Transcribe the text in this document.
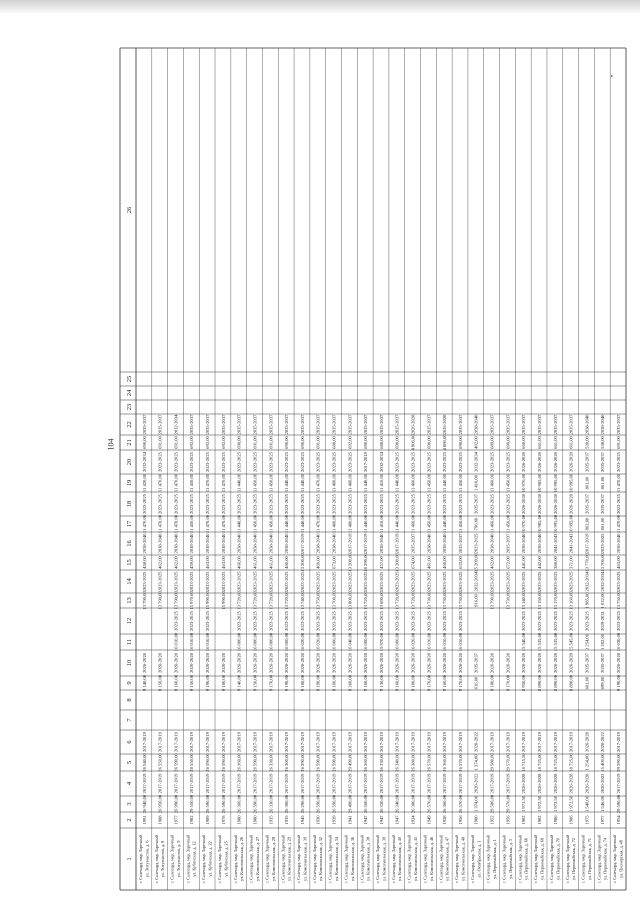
104
1
2
3
4
5
6
7
8
9
10
11
12
13
14
15
16
17
18
19
20
21
22
23
24
25
26
г. Салехард, мкр. Заречный ул. Энтузиастов, д. 6
1991
26 940,00
2017-2019
26 540,00
2017-2019
9 140,00
2026-2028
13 790,00
2023-2025
458,00
2038-2040
11 470,00
2023-2025
11 420,00
2032-2034
690,00
2035-2037
г. Салехард, мкр. Заречный ул. Энтузиастов, д. 8
1988
26 950,00
2017-2019
26 550,00
2017-2019
9 150,00
2026-2028
13 790,00
2023-2025
462,00
2038-2040
11 470,00
2023-2025
11 470,00
2023-2025
691,00
2035-2037
г. Салехард, мкр. Заречный ул. Энтузиастов, д. 9
1977
26 990,00
2017-2019
26 590,00
2017-2019
9 160,00
2026-2028
16 010,00
2023-2025
13 790,00
2023-2025
462,00
2038-2040
11 470,00
2023-2025
11 470,00
2023-2025
691,00
2032-2034
г. Салехард, мкр. Заречный ул. Кубинская, д. 12
1982
29 550,00
2017-2019
28 550,00
2017-2019
9 150,00
2026-2028
16 010,00
2023-2025
15 970,00
2023-2025
459,00
2038-2040
11 450,00
2023-2025
11 450,00
2023-2025
692,00
2035-2037
г. Салехард, мкр. Заречный ул. Кубинская, д. 22
1989
26 590,00
2017-2019
26 590,00
2017-2019
9 190,00
2026-2028
16 010,00
2023-2025
15 990,00
2023-2025
463,00
2038-2040
11 470,00
2023-2025
11 470,00
2023-2025
692,00
2035-2037
г. Салехард, мкр. Заречный ул. Кубинская, д. 25
1978
26 590,00
2017-2019
26 590,00
2017-2019
9 180,00
2026-2028
15 990,00
2023-2025
463,00
2038-2040
11 470,00
2023-2025
11 470,00
2023-2025
692,00
2035-2037
г. Салехард, мкр. Заречный ул. Комсомольская, д. 26
1980
26 360,00
2017-2019
26 360,00
2017-2019
9 140,00
2026-2028
16 000,00
2023-2025
13 720,00
2023-2025
460,00
2038-2040
11 440,00
2023-2025
11 440,00
2023-2025
690,00
2035-2037
г. Салехард, мкр. Заречный ул. Комсомольская, д. 27
1980
26 590,00
2017-2019
26 590,00
2017-2019
9 150,00
2026-2028
16 000,00
2023-2025
13 720,00
2023-2025
461,00
2038-2040
11 450,00
2023-2025
11 450,00
2023-2025
691,00
2035-2037
г. Салехард, мкр. Заречный ул. Комсомольская, д. 28
1935
26 330,00
2017-2019
26 330,00
2017-2019
9 170,00
2026-2028
16 000,00
2023-2025
13 720,00
2023-2025
461,00
2038-2040
11 450,00
2023-2025
11 450,00
2023-2025
691,00
2035-2037
г. Салехард, мкр. Заречный ул. Комсомольская, д. 29
1935
26 300,00
2017-2019
26 300,00
2017-2019
9 190,00
2026-2028
16 000,00
2023-2025
13 720,00
2023-2025
460,00
2038-2040
11 440,00
2023-2025
11 440,00
2023-2025
690,00
2035-2037
г. Салехард, мкр. Заречный ул. Комсомольская, д. 30
1945
26 290,00
2017-2019
26 290,00
2017-2019
9 180,00
2026-2028
16 020,00
2023-2025
13 740,00
2023-2025
13 200,00
2017-2019
11 440,00
2023-2025
11 440,00
2023-2025
690,00
2035-2037
г. Салехард, мкр. Заречный ул. Комсомольская, д. 32
1930
26 590,00
2017-2019
26 590,00
2017-2019
9 190,00
2026-2028
16 020,00
2023-2025
13 750,00
2023-2025
460,00
2038-2040
11 470,00
2023-2025
11 470,00
2023-2025
691,00
2035-2037
г. Салехард, мкр. Заречный ул. Комсомольская, д. 34
1939
26 590,00
2017-2019
26 590,00
2017-2019
9 100,00
2026-2028
16 000,00
2023-2025
13 700,00
2023-2025
673,00
2038-2040
11 400,00
2023-2025
11 400,00
2023-2025
688,00
2035-2037
г. Салехард, мкр. Заречный ул. Комсомольская, д. 36
1941
29 490,00
2017-2019
29 490,00
2017-2019
9 360,00
2026-2028
16 040,00
2023-2025
13 800,00
2023-2025
13 200,00
2017-2019
11 480,00
2023-2025
11 480,00
2023-2025
692,00
2035-2037
г. Салехард, мкр. Заречный ул. Комсомольская, д. 38
1947
26 560,00
2017-2019
26 560,00
2017-2019
9 160,00
2026-2028
16 000,00
2023-2025
13 720,00
2023-2025
18 290,00
2017-2019
11 440,00
2023-2025
11 440,00
2017-2019
690,00
2035-2037
г. Салехард, мкр. Заречный ул. Комсомольская, д. 39
1947
26 330,00
2017-2019
26 330,00
2017-2019
9 130,00
2026-2028
15 970,00
2023-2025
13 690,00
2023-2025
457,00
2038-2040
11 410,00
2023-2025
11 410,00
2032-2034
688,00
2035-2037
г. Салехард, мкр. Заречный ул. Комсомольская, д. 40
1947
26 340,00
2017-2019
26 340,00
2017-2019
9 160,00
2026-2028
16 000,00
2023-2025
13 720,00
2023-2025
13 200,00
2017-2019
11 440,00
2023-2025
11 440,00
2023-2025
690,00
2035-2037
г. Салехард, мкр. Заречный ул. Комсомольская, д. 45
1934
26 380,00
2017-2019
26 380,00
2017-2019
9 180,00
2026-2028
16 020,00
2023-2025
13 720,00
2023-2025
674,00
2035-2037
11 460,00
2023-2025
11 460,00
2023-2025
4 906,00
2026-2028
г. Салехард, мкр. Заречный ул. Комсомольская, д. 46
1949
26 570,00
2017-2019
26 570,00
2017-2019
9 170,00
2026-2028
16 010,00
2023-2025
13 730,00
2023-2025
461,00
2038-2040
11 450,00
2023-2025
11 450,00
2023-2025
690,00
2035-2037
г. Салехард, мкр. Заречный ул. Комсомольская, д. 47
1928
26 360,00
2017-2019
26 360,00
2017-2019
9 160,00
2026-2028
16 010,00
2023-2025
13 730,00
2023-2025
460,00
2038-2040
11 440,00
2023-2025
11 440,00
2023-2025
4 880,00
2026-2028
г. Салехард, мкр. Заречный ул. Комсомольская, д. 48
1956
26 570,00
2017-2019
26 570,00
2017-2019
9 170,00
2026-2028
16 010,00
2023-2025
13 730,00
2023-2025
633,00
2035-2037
11 450,00
2023-2025
11 450,00
2023-2025
690,00
2035-2037
г. Салехард, мкр. Заречный ул. Октябрьская, д. 1
1980
1 374,00
2020-2022
1 374,00
2020-2022
616,00
2035-2037
916,00
2032-2034
15 209,00
2023-2025
796,00
2035-2037
1 410,00
2032-2034
402,00
2038-2040
г. Салехард, мкр. Заречный ул. Первомайская, д. 1
1952
29 580,00
2017-2019
29 580,00
2017-2019
9 180,00
2026-2028
13 790,00
2023-2025
462,00
2038-2040
11 460,00
2023-2025
11 460,00
2023-2025
689,00
2035-2037
г. Салехард, мкр. Заречный ул. Первомайская, д. 3
1956
29 570,00
2017-2019
29 570,00
2017-2019
9 170,00
2026-2028
13 730,00
2023-2025
672,00
2035-2037
11 450,00
2023-2025
11 450,00
2023-2025
690,00
2035-2037
г. Салехард, мкр. Заречный ул. Первомайская, д. 66
1982
1 971,50
2026-2028
18 715,50
2017-2019
8 950,00
2026-2028
15 540,00
2023-2025
13 140,00
2023-2025
441,00
2038-2040
10 970,00
2026-2028
10 970,00
2026-2028
660,00
2035-2037
г. Салехард, мкр. Заречный ул. Первомайская, д. 68
1982
1 972,50
2026-2028
18 725,00
2017-2019
8 890,00
2026-2028
15 535,00
2023-2025
13 150,00
2023-2025
442,00
2038-2040
10 985,00
2026-2028
10 985,00
2026-2028
661,00
2035-2037
г. Салехард, мкр. Заречный ул. Первомайская, д. 70
1986
1 972,50
2026-2028
18 725,00
2017-2019
8 890,00
2026-2028
15 535,00
2023-2025
13 170,00
2023-2025
380,00
2041-2043
10 995,00
2026-2028
10 995,00
2026-2028
661,00
2035-2037
г. Салехард, мкр. Заречный ул. Первомайская, д. 72
1986
1 972,50
2026-2028
18 725,00
2017-2019
8 890,00
2026-2028
15 545,00
2023-2025
13 160,00
2023-2025
371,00
2041-2043
10 995,00
2026-2028
10 995,00
2026-2028
661,00
2035-2037
г. Салехард, мкр. Заречный ул. Первомайская, д. 71
1975
1 546,00
2026-2028
1 254,00
2026-2028
601,00
2035-2037
1 254,00
2023-2025
1 985,00
2032-2034
13 770,00
2017-2019
862,00
2035-2037
861,00
2035-2037
538,00
2038-2040
г. Салехард, мкр. Заречный ул. Первомайская, д. 74
1977
1 546,00
2020-2022
15 400,00
2020-2022
699,00
2035-2037
1 202,00
2029-2031
1 032,00
2032-2034
13 700,00
2023-2025
861,00
2035-2037
861,00
2035-2037
538,00
2038-2040
г. Салехард, мкр. Заречный ул. Пионерская, д. 48
1954
29 590,00
2017-2019
29 590,00
2017-2019
9 190,00
2026-2028
16 030,00
2023-2025
13 750,00
2023-2025
463,00
2038-2040
11 470,00
2023-2025
11 470,00
2023-2025
691,00
2035-2037
•
